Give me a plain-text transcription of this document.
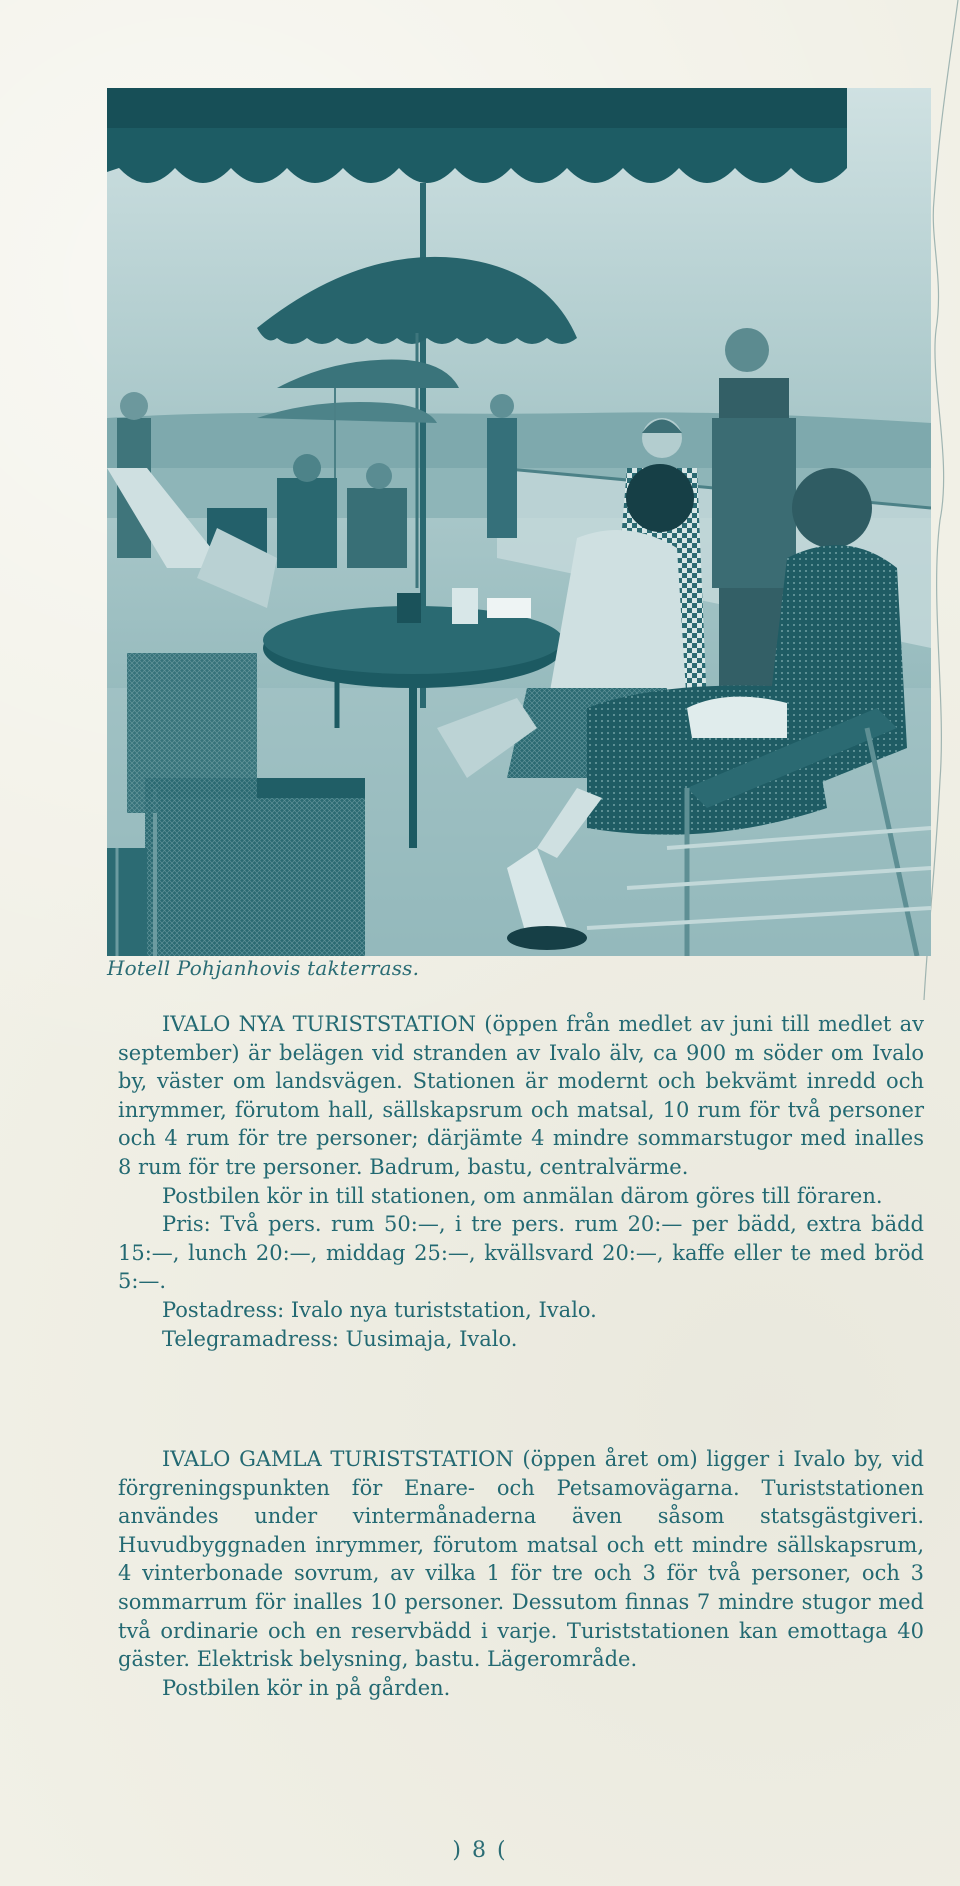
Hotell Pohjanhovis takterrass.

IVALO NYA TURISTSTATION (öppen från medlet av juni till medlet av september) är belägen vid stranden av Ivalo älv, ca 900 m söder om Ivalo by, väster om landsvägen. Stationen är modernt och bekvämt inredd och inrymmer, förutom hall, sällskapsrum och matsal, 10 rum för två personer och 4 rum för tre personer; därjämte 4 mindre sommarstugor med inalles 8 rum för tre personer. Badrum, bastu, centralvärme.

Postbilen kör in till stationen, om anmälan därom göres till föraren.

Pris: Två pers. rum 50:—, i tre pers. rum 20:— per bädd, extra bädd 15:—, lunch 20:—, middag 25:—, kvällsvard 20:—, kaffe eller te med bröd 5:—.

Postadress: Ivalo nya turiststation, Ivalo.

Telegramadress: Uusimaja, Ivalo.

IVALO GAMLA TURISTSTATION (öppen året om) ligger i Ivalo by, vid förgreningspunkten för Enare- och Petsamovägarna. Turiststationen användes under vintermånaderna även såsom statsgästgiveri. Huvudbyggnaden inrymmer, förutom matsal och ett mindre sällskapsrum, 4 vinterbonade sovrum, av vilka 1 för tre och 3 för två personer, och 3 sommarrum för inalles 10 personer. Dessutom finnas 7 mindre stugor med två ordinarie och en reservbädd i varje. Turiststationen kan emottaga 40 gäster. Elektrisk belysning, bastu. Lägerområde.

Postbilen kör in på gården.

) 8 (
